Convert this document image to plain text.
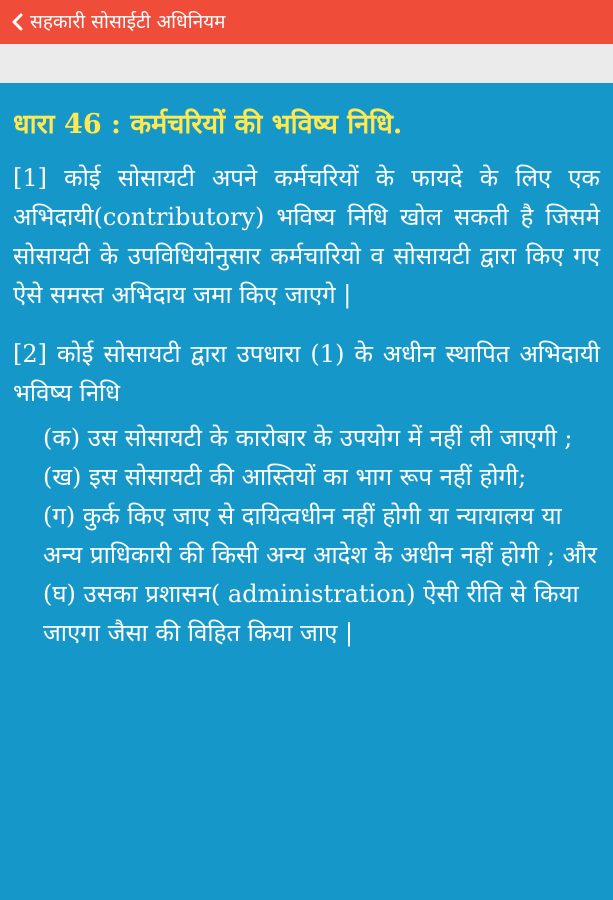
सहकारी सोसाईटी अधिनियम
धारा 46 : कर्मचरियों की भविष्य निधि.

[1] कोई सोसायटी अपने कर्मचरियों के फायदे के लिए एक अभिदायी(contributory) भविष्य निधि खोल सकती है जिसमे सोसायटी के उपविधियोनुसार कर्मचारियो व सोसायटी द्वारा किए गए ऐसे समस्त अभिदाय जमा किए जाएगे |

[2] कोई सोसायटी द्वारा उपधारा (1) के अधीन स्थापित अभिदायी भविष्य निधि

(क) उस सोसायटी के कारोबार के उपयोग में नहीं ली जाएगी ;

(ख) इस सोसायटी की आस्तियों का भाग रूप नहीं होगी;

(ग) कुर्क किए जाए से दायित्वधीन नहीं होगी या न्यायालय या अन्य प्राधिकारी की किसी अन्य आदेश के अधीन नहीं होगी ; और

(घ) उसका प्रशासन( administration) ऐसी रीति से किया जाएगा जैसा की विहित किया जाए |
